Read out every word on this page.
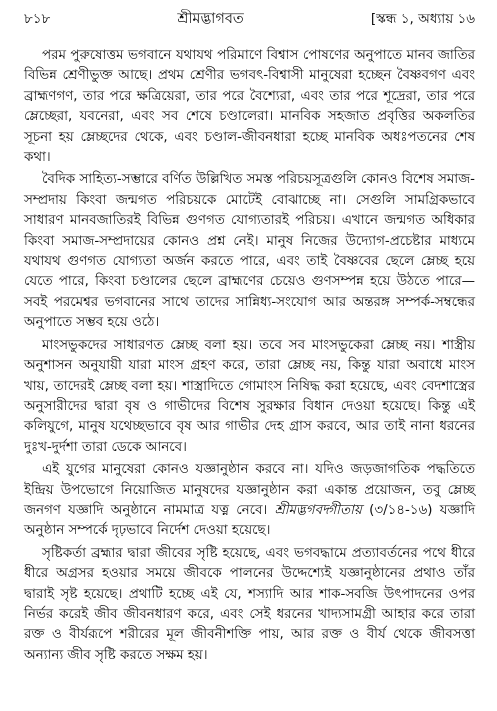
৮১৮	শ্রীমদ্ভাগবত	[স্কন্ধ ১, অধ্যায় ১৬

পরম পুরুষোত্তম ভগবানে যথাযথ পরিমাণে বিশ্বাস পোষণের অনুপাতে মানব জাতির বিভিন্ন শ্রেণীভুক্ত আছে। প্রথম শ্রেণীর ভগবৎ-বিশ্বাসী মানুষেরা হচ্ছেন বৈষ্ণবগণ এবং ব্রাহ্মণগণ, তার পরে ক্ষত্রিয়েরা, তার পরে বৈশ্যেরা, এবং তার পরে শূদ্রেরা, তার পরে ম্লেচ্ছেরা, যবনেরা, এবং সব শেষে চণ্ডালেরা। মানবিক সহজাত প্রবৃত্তির অকলতির সূচনা হয় ম্লেচ্ছদের থেকে, এবং চণ্ডাল-জীবনধারা হচ্ছে মানবিক অধঃপতনের শেষ কথা।

বৈদিক সাহিত্য-সম্ভারে বর্ণিত উল্লিখিত সমস্ত পরিচয়সূত্রগুলি কোনও বিশেষ সমাজ-সম্প্রদায় কিংবা জন্মগত পরিচয়কে মোটেই বোঝাচ্ছে না। সেগুলি সামগ্রিকভাবে সাধারণ মানবজাতিরই বিভিন্ন গুণগত যোগ্যতারই পরিচয়। এখানে জন্মগত অধিকার কিংবা সমাজ-সম্প্রদায়ের কোনও প্রশ্ন নেই। মানুষ নিজের উদ্যোগ-প্রচেষ্টার মাধ্যমে যথাযথ গুণগত যোগ্যতা অর্জন করতে পারে, এবং তাই বৈষ্ণবের ছেলে ম্লেচ্ছ হয়ে যেতে পারে, কিংবা চণ্ডালের ছেলে ব্রাহ্মণের চেয়েও গুণসম্পন্ন হয়ে উঠতে পারে—সবই পরমেশ্বর ভগবানের সাথে তাদের সান্নিধ্য-সংযোগ আর অন্তরঙ্গ সম্পর্ক-সম্বন্ধের অনুপাতে সম্ভব হয়ে ওঠে।

মাংসভুকদের সাধারণত ম্লেচ্ছ বলা হয়। তবে সব মাংসভুকেরা ম্লেচ্ছ নয়। শাস্ত্রীয় অনুশাসন অনুযায়ী যারা মাংস গ্রহণ করে, তারা ম্লেচ্ছ নয়, কিন্তু যারা অবাধে মাংস খায়, তাদেরই ম্লেচ্ছ বলা হয়। শাস্ত্রাদিতে গোমাংস নিষিদ্ধ করা হয়েছে, এবং বেদশাস্ত্রের অনুসারীদের দ্বারা বৃষ ও গাভীদের বিশেষ সুরক্ষার বিধান দেওয়া হয়েছে। কিন্তু এই কলিযুগে, মানুষ যথেচ্ছভাবে বৃষ আর গাভীর দেহ গ্রাস করবে, আর তাই নানা ধরনের দুঃখ-দুর্দশা তারা ডেকে আনবে।

এই যুগের মানুষেরা কোনও যজ্ঞানুষ্ঠান করবে না। যদিও জড়জাগতিক পদ্ধতিতে ইন্দ্রিয় উপভোগে নিয়োজিত মানুষদের যজ্ঞানুষ্ঠান করা একান্ত প্রয়োজন, তবু ম্লেচ্ছ জনগণ যজ্ঞাদি অনুষ্ঠানে নামমাত্র যত্ন নেবে। শ্রীমদ্ভগবদ্গীতায় (৩/১৪-১৬) যজ্ঞাদি অনুষ্ঠান সম্পর্কে দৃঢ়ভাবে নির্দেশ দেওয়া হয়েছে।

সৃষ্টিকর্তা ব্রহ্মার দ্বারা জীবের সৃষ্টি হয়েছে, এবং ভগবদ্ধামে প্রত্যাবর্তনের পথে ধীরে ধীরে অগ্রসর হওয়ার সময়ে জীবকে পালনের উদ্দেশ্যেই যজ্ঞানুষ্ঠানের প্রথাও তাঁর দ্বারাই সৃষ্ট হয়েছে। প্রথাটি হচ্ছে এই যে, শস্যাদি আর শাক-সবজি উৎপাদনের ওপর নির্ভর করেই জীব জীবনধারণ করে, এবং সেই ধরনের খাদ্যসামগ্রী আহার করে তারা রক্ত ও বীর্যরূপে শরীরের মূল জীবনীশক্তি পায়, আর রক্ত ও বীর্য থেকে জীবসত্তা অন্যান্য জীব সৃষ্টি করতে সক্ষম হয়।
